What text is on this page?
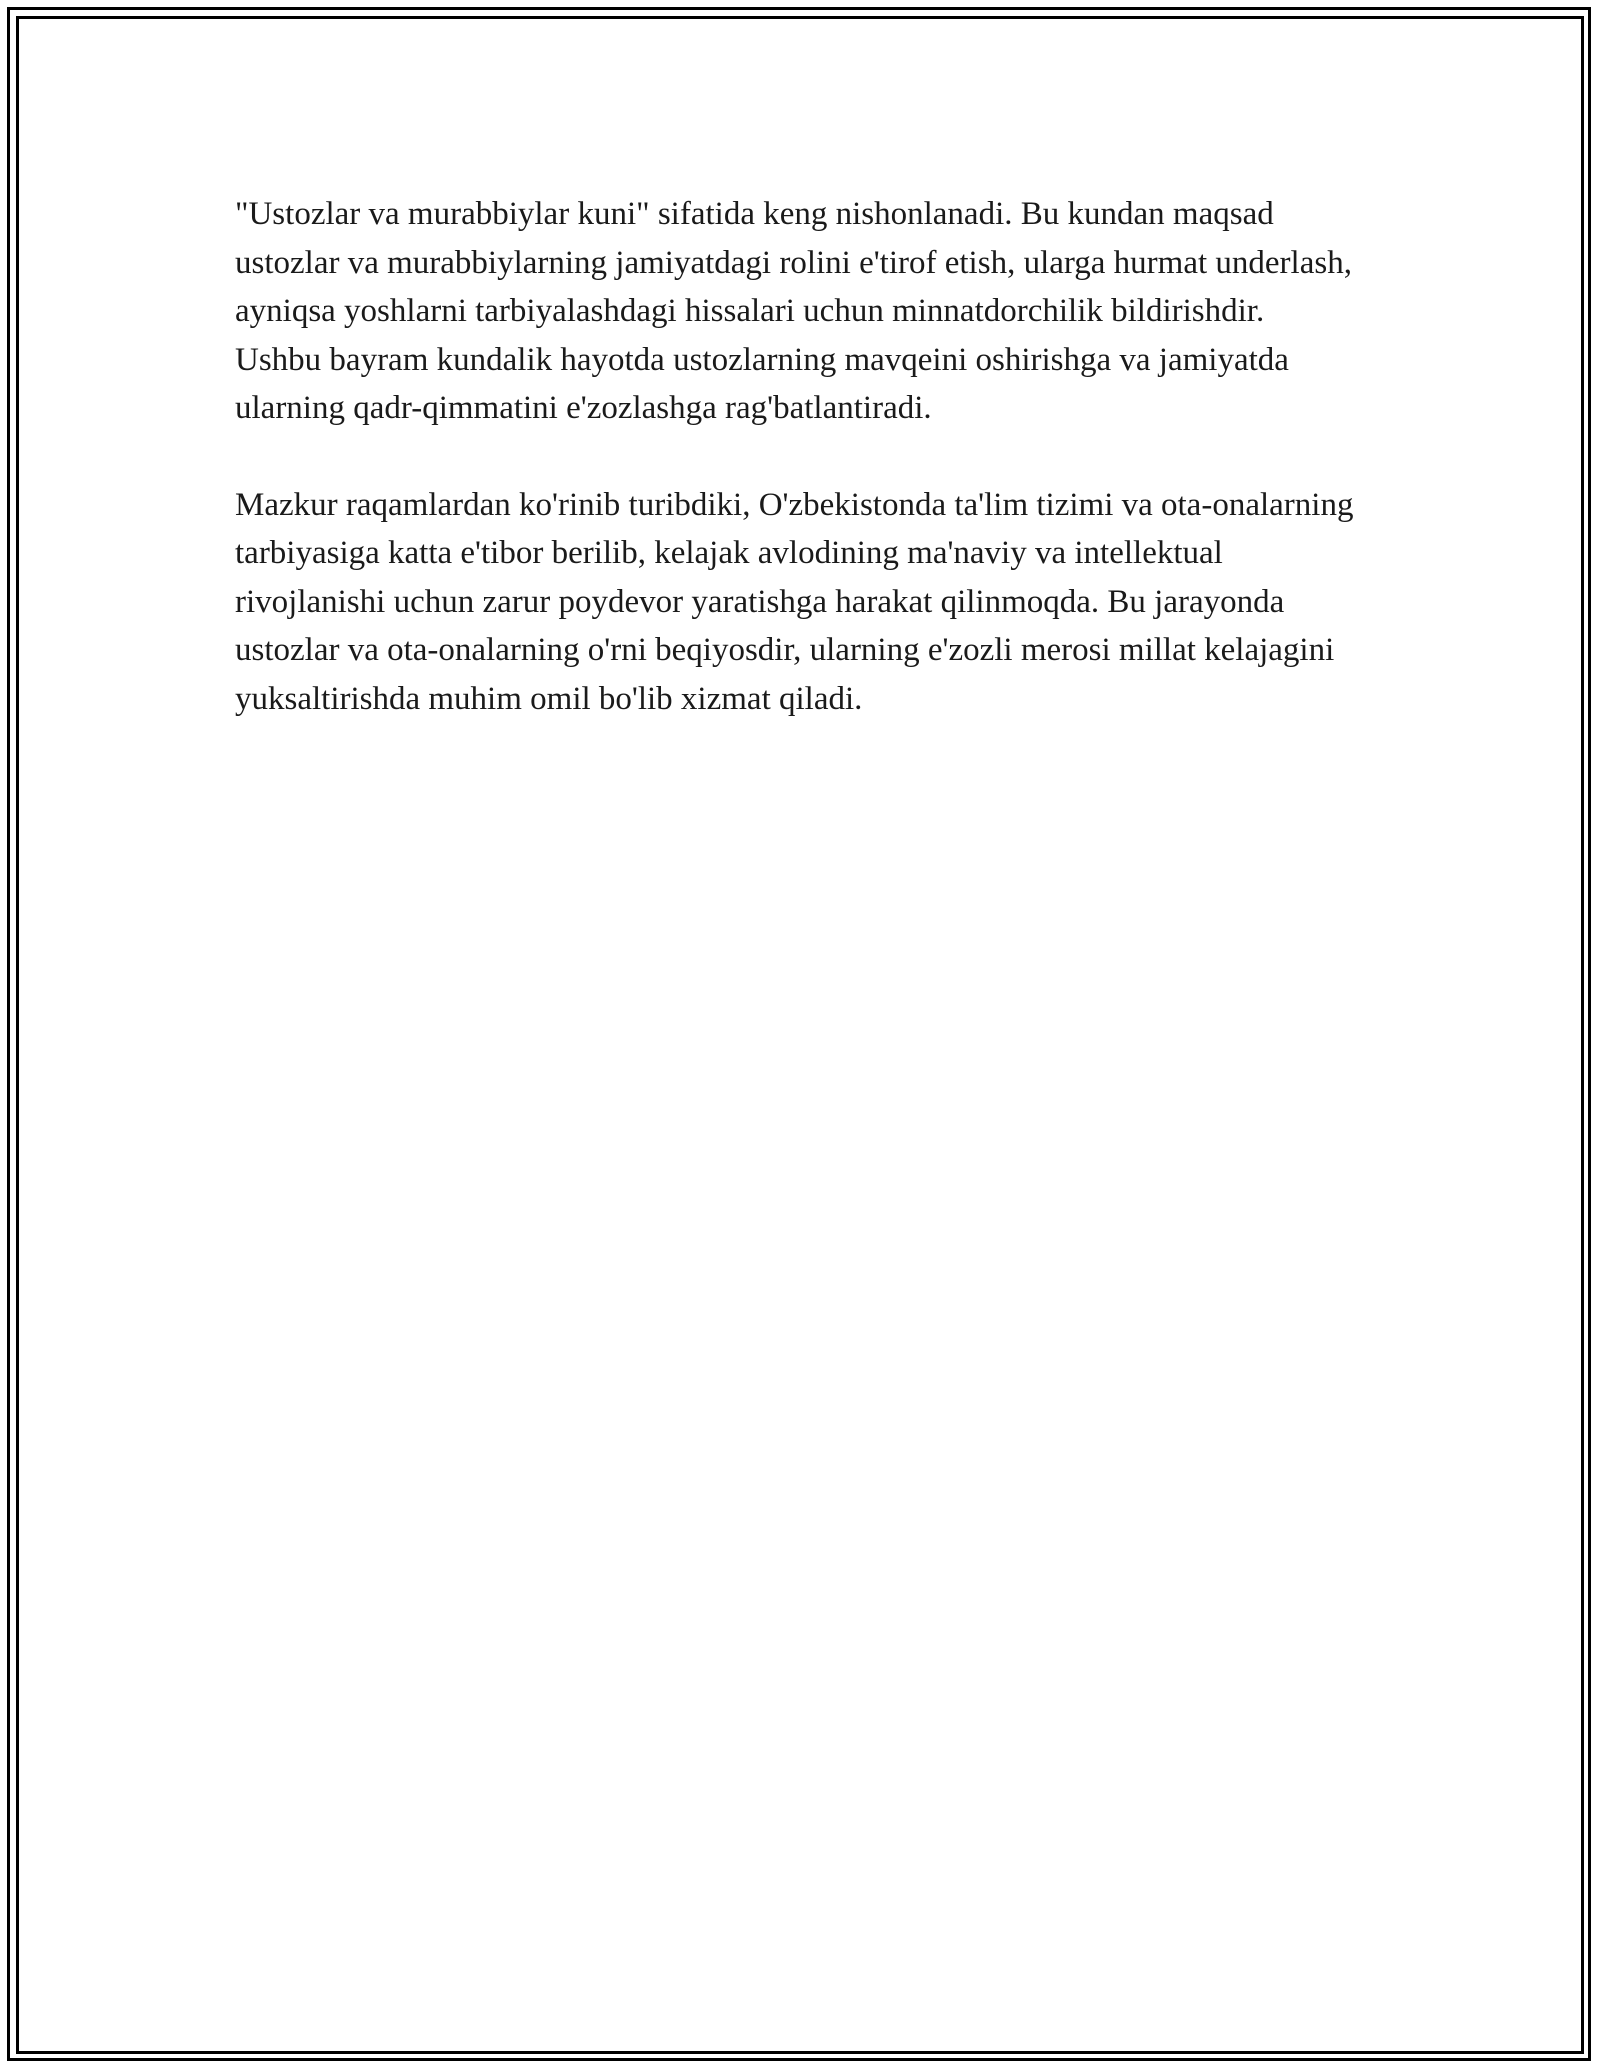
"Ustozlar va murabbiylar kuni" sifatida keng nishonlanadi. Bu kundan maqsad ustozlar va murabbiylarning jamiyatdagi rolini e'tirof etish, ularga hurmat underlash, ayniqsa yoshlarni tarbiyalashdagi hissalari uchun minnatdorchilik bildirishdir. Ushbu bayram kundalik hayotda ustozlarning mavqeini oshirishga va jamiyatda ularning qadr-qimmatini e'zozlashga rag'batlantiradi.

Mazkur raqamlardan ko'rinib turibdiki, O'zbekistonda ta'lim tizimi va ota-onalarning tarbiyasiga katta e'tibor berilib, kelajak avlodining ma'naviy va intellektual rivojlanishi uchun zarur poydevor yaratishga harakat qilinmoqda. Bu jarayonda ustozlar va ota-onalarning o'rni beqiyosdir, ularning e'zozli merosi millat kelajagini yuksaltirishda muhim omil bo'lib xizmat qiladi.
